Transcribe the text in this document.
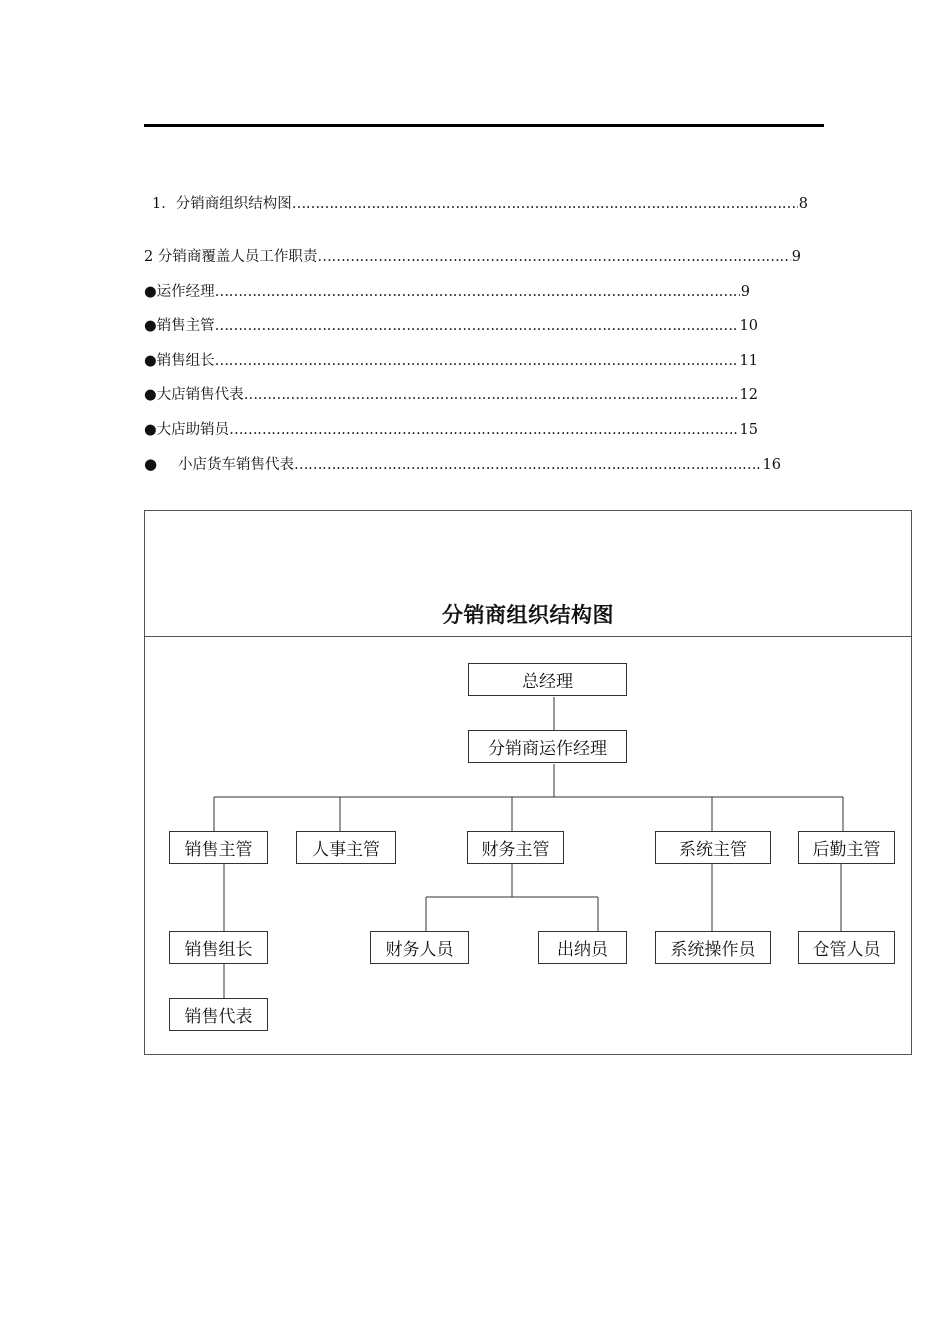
1．分销商组织结构图 ……………………………………………………………………………………………………………………………………………………	8
2 分销商覆盖人员工作职责 ……………………………………………………………………………………………………………………………………………………	9
●运作经理 ……………………………………………………………………………………………………………………………………………………	9
●销售主管 ……………………………………………………………………………………………………………………………………………………	10
●销售组长 ……………………………………………………………………………………………………………………………………………………	11
●大店销售代表 ……………………………………………………………………………………………………………………………………………………	12
●大店助销员 ……………………………………………………………………………………………………………………………………………………	15
●	小店货车销售代表 ……………………………………………………………………………………………………………………………………………………	16
分销商组织结构图
总经理
分销商运作经理
销售主管	人事主管	财务主管	系统主管	后勤主管
销售组长	财务人员	出纳员	系统操作员	仓管人员
销售代表
